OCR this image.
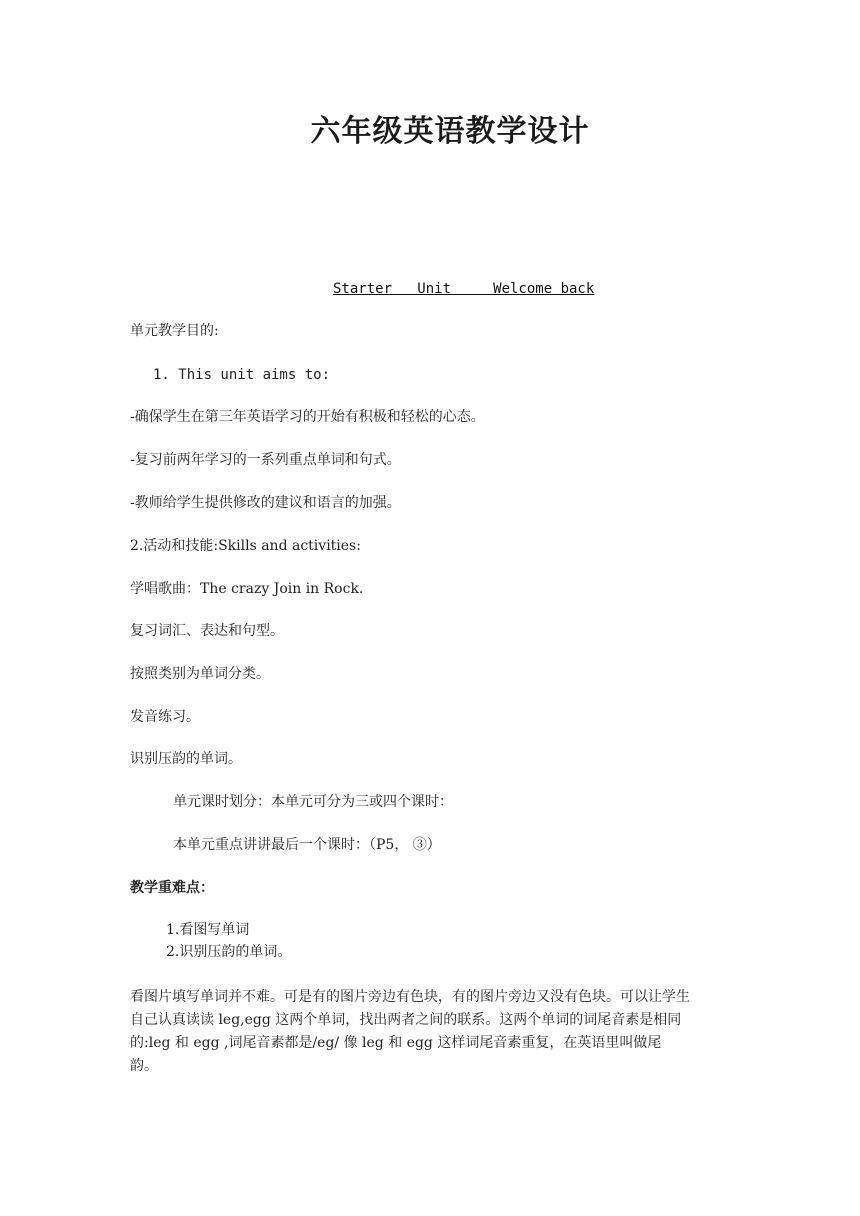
六年级英语教学设计
Starter   Unit     Welcome back
单元教学目的:
1. This unit aims to:
-确保学生在第三年英语学习的开始有积极和轻松的心态。
-复习前两年学习的一系列重点单词和句式。
-教师给学生提供修改的建议和语言的加强。
2.活动和技能:Skills and activities:
学唱歌曲：The crazy Join in Rock.
复习词汇、表达和句型。
按照类别为单词分类。
发音练习。
识别压韵的单词。
单元课时划分：本单元可分为三或四个课时：
本单元重点讲讲最后一个课时：（P5， ③）
教学重难点：
1.看图写单词
2.识别压韵的单词。
看图片填写单词并不难。可是有的图片旁边有色块，有的图片旁边又没有色块。可以让学生
自己认真读读 leg,egg 这两个单词，找出两者之间的联系。这两个单词的词尾音素是相同
的:leg 和 egg ,词尾音素都是/eg/ 像 leg 和 egg 这样词尾音素重复，在英语里叫做尾
韵。
